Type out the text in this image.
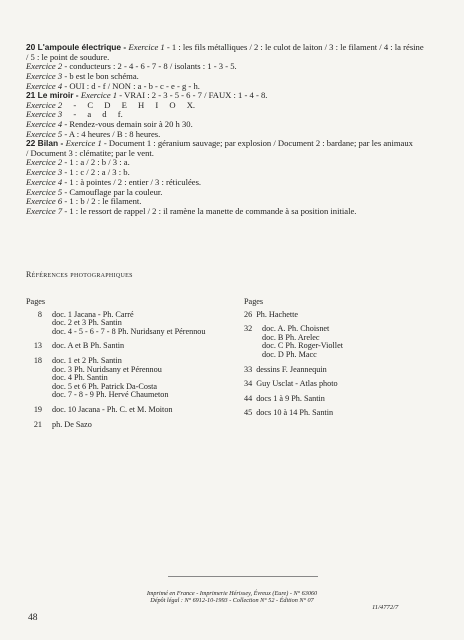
20 L'ampoule électrique - Exercice 1 - 1 : les fils métalliques / 2 : le culot de laiton / 3 : le filament / 4 : la résine

/ 5 : le point de soudure.

Exercice 2 - conducteurs : 2 - 4 - 6 - 7 - 8 / isolants : 1 - 3 - 5.

Exercice 3 - b est le bon schéma.

Exercice 4 - OUI : d - f / NON : a - b - c - e - g - h.

21 Le miroir - Exercice 1 - VRAI : 2 - 3 - 5 - 6 - 7 / FAUX : 1 - 4 - 8.

Exercice 2 - C D E H I O X.

Exercice 3 - a d f.

Exercice 4 - Rendez-vous demain soir à 20 h 30.

Exercice 5 - A : 4 heures / B : 8 heures.

22 Bilan - Exercice 1 - Document 1 : géranium sauvage; par explosion / Document 2 : bardane; par les animaux

/ Document 3 : clématite; par le vent.

Exercice 2 - 1 : a / 2 : b / 3 : a.

Exercice 3 - 1 : c / 2 : a / 3 : b.

Exercice 4 - 1 : à pointes / 2 : entier / 3 : réticulées.

Exercice 5 - Camouflage par la couleur.

Exercice 6 - 1 : b / 2 : le filament.

Exercice 7 - 1 : le ressort de rappel / 2 : il ramène la manette de commande à sa position initiale.

Références photographiques
Pages
8 doc. 1 Jacana - Ph. Carré
doc. 2 et 3 Ph. Santin
doc. 4 - 5 - 6 - 7 - 8 Ph. Nuridsany et Pérennou
13 doc. A et B Ph. Santin
18 doc. 1 et 2 Ph. Santin
doc. 3 Ph. Nuridsany et Pérennou
doc. 4 Ph. Santin
doc. 5 et 6 Ph. Patrick Da-Costa
doc. 7 - 8 - 9 Ph. Hervé Chaumeton
19 doc. 10 Jacana - Ph. C. et M. Moiton
21 ph. De Sazo
Pages
26 Ph. Hachette
32	doc. A. Ph. Choisnet
doc. B Ph. Arelec
doc. C Ph. Roger-Viollet
doc. D Ph. Macc
33 dessins F. Jeannequin
34 Guy Usclat - Atlas photo
44 docs 1 à 9 Ph. Santin
45 docs 10 à 14 Ph. Santin
Imprimé en France - Imprimerie Hérissey, Évreux (Eure) - N° 63060
Dépôt légal : N° 6912-10-1993 - Collection N° 52 - Édition N° 07
11/4772/7
48
